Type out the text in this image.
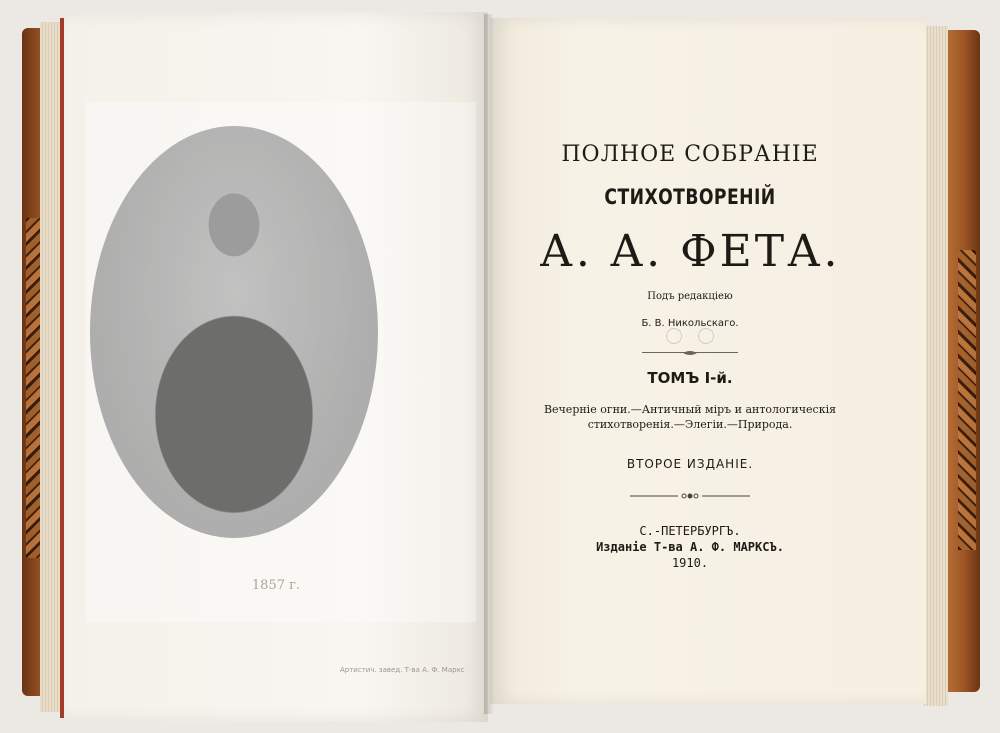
1857 г.
Артистич. завед. Т-ва А. Ф. Маркс
ПОЛНОЕ СОБРАНІЕ
СТИХОТВОРЕНІЙ
А. А. ФЕТА.
Подъ редакціею
Б. В. Никольскаго.
ТОМЪ І-й.
Вечерніе огни.—Античный міръ и антологическія стихотворенія.—Элегіи.—Природа.
ВТОРОЕ ИЗДАНІЕ.
С.-ПЕТЕРБУРГЪ.
Изданіе Т-ва А. Ф. МАРКСЪ.
1910.
